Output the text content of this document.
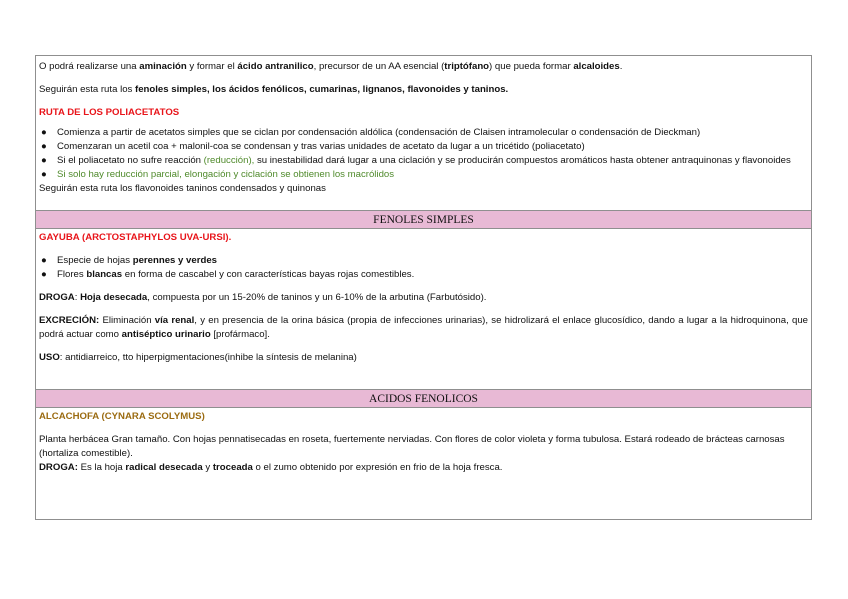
O podrá realizarse una aminación y formar el ácido antranilico, precursor de un AA esencial (triptófano) que pueda formar alcaloides.

Seguirán esta ruta los fenoles simples, los ácidos fenólicos, cumarinas, lignanos, flavonoides y taninos.

RUTA DE LOS POLIACETATOS

● Comienza a partir de acetatos simples que se ciclan por condensación aldólica (condensación de Claisen intramolecular o condensación de Dieckman)
● Comenzaran un acetil coa + malonil-coa se condensan y tras varias unidades de acetato da lugar a un tricétido (poliacetato)
● Si el poliacetato no sufre reacción (reducción), su inestabilidad dará lugar a una ciclación y se producirán compuestos aromáticos hasta obtener antraquinonas y flavonoides
● Si solo hay reducción parcial, elongación y ciclación se obtienen los macrólidos

Seguirán esta ruta los flavonoides taninos condensados y quinonas

FENOLES SIMPLES

GAYUBA (ARCTOSTAPHYLOS UVA-URSI).

● Especie de hojas perennes y verdes
● Flores blancas en forma de cascabel y con características bayas rojas comestibles.

DROGA: Hoja desecada, compuesta por un 15-20% de taninos y un 6-10% de la arbutina (Farbutósido).

EXCRECIÓN: Eliminación vía renal, y en presencia de la orina básica (propia de infecciones urinarias), se hidrolizará el enlace glucosídico, dando a lugar a la hidroquinona, que podrá actuar como antiséptico urinario [profármaco].

USO: antidiarreico, tto hiperpigmentaciones(inhibe la síntesis de melanina)

ACIDOS FENOLICOS

ALCACHOFA (CYNARA SCOLYMUS)

Planta herbácea Gran tamaño. Con hojas pennatisecadas en roseta, fuertemente nerviadas. Con flores de color violeta y forma tubulosa. Estará rodeado de brácteas carnosas (hortaliza comestible).

DROGA: Es la hoja radical desecada y troceada o el zumo obtenido por expresión en frio de la hoja fresca.
